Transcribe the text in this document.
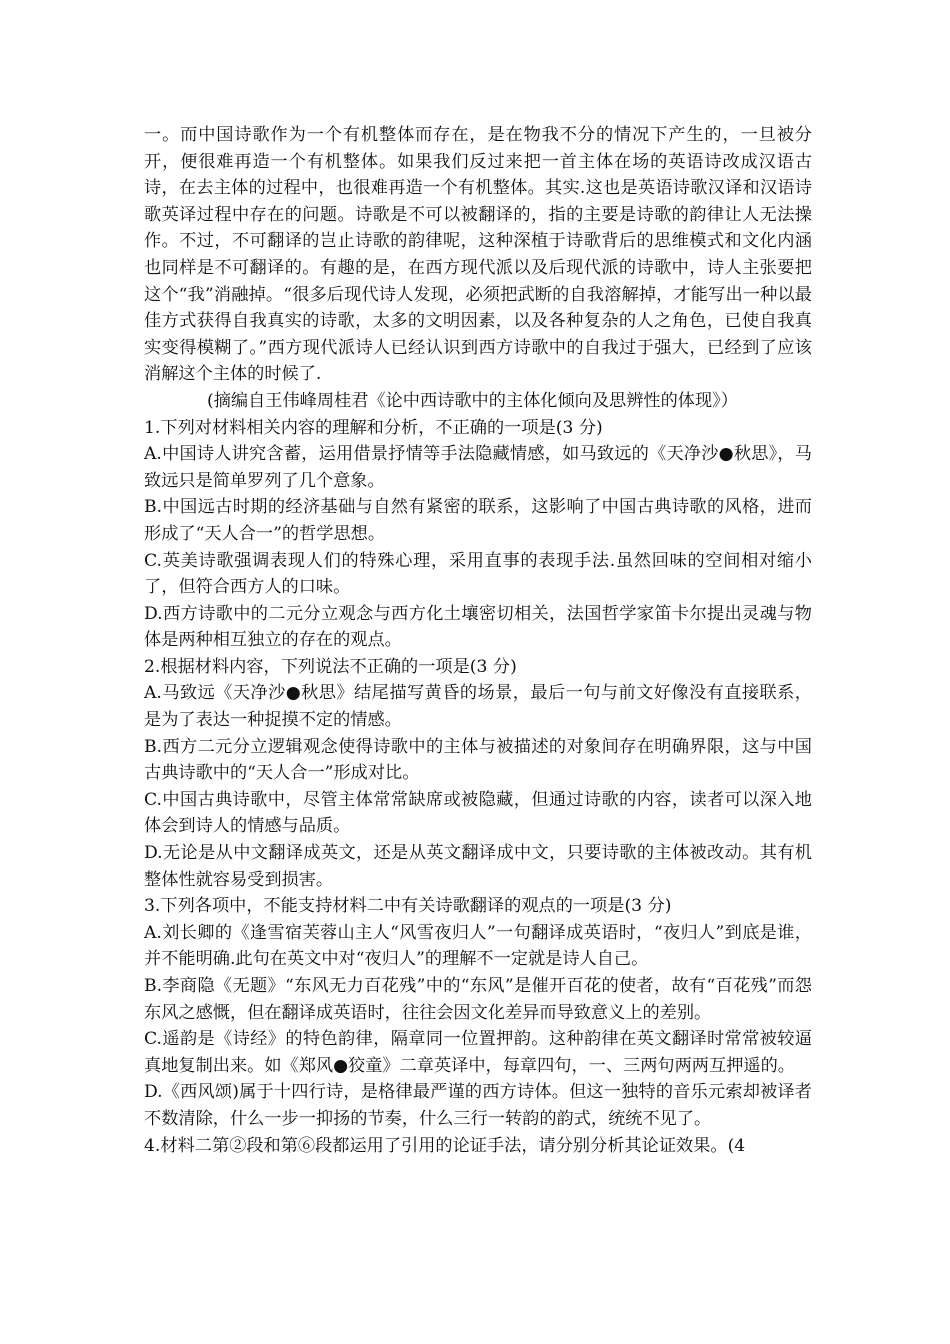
一。而中国诗歌作为一个有机整体而存在，是在物我不分的情况下产生的，一旦被分开，便很难再造一个有机整体。如果我们反过来把一首主体在场的英语诗改成汉语古诗，在去主体的过程中，也很难再造一个有机整体。其实.这也是英语诗歌汉译和汉语诗歌英译过程中存在的问题。诗歌是不可以被翻译的，指的主要是诗歌的韵律让人无法操作。不过，不可翻译的岂止诗歌的韵律呢，这种深植于诗歌背后的思维模式和文化内涵也同样是不可翻译的。有趣的是，在西方现代派以及后现代派的诗歌中，诗人主张要把这个“我”消融掉。“很多后现代诗人发现，必须把武断的自我溶解掉，才能写出一种以最佳方式获得自我真实的诗歌，太多的文明因素，以及各种复杂的人之角色，已使自我真实变得模糊了。”西方现代派诗人已经认识到西方诗歌中的自我过于强大，已经到了应该消解这个主体的时候了.

(摘编自王伟峰周桂君《论中西诗歌中的主体化倾向及思辨性的体现》）

1.下列对材料相关内容的理解和分析，不正确的一项是(3 分)

A.中国诗人讲究含蓄，运用借景抒情等手法隐藏情感，如马致远的《天净沙●秋思》，马致远只是简单罗列了几个意象。

B.中国远古时期的经济基础与自然有紧密的联系，这影响了中国古典诗歌的风格，进而形成了“天人合一”的哲学思想。

C.英美诗歌强调表现人们的特殊心理，采用直事的表现手法.虽然回味的空间相对缩小了，但符合西方人的口味。

D.西方诗歌中的二元分立观念与西方化土壤密切相关，法国哲学家笛卡尔提出灵魂与物体是两种相互独立的存在的观点。

2.根据材料内容，下列说法不正确的一项是(3 分)

A.马致远《天净沙●秋思》结尾描写黄昏的场景，最后一句与前文好像没有直接联系，是为了表达一种捉摸不定的情感。

B.西方二元分立逻辑观念使得诗歌中的主体与被描述的对象间存在明确界限，这与中国古典诗歌中的“天人合一”形成对比。

C.中国古典诗歌中，尽管主体常常缺席或被隐藏，但通过诗歌的内容，读者可以深入地体会到诗人的情感与品质。

D.无论是从中文翻译成英文，还是从英文翻译成中文，只要诗歌的主体被改动。其有机整体性就容易受到损害。

3.下列各项中，不能支持材料二中有关诗歌翻译的观点的一项是(3 分)

A.刘长卿的《逢雪宿芙蓉山主人“风雪夜归人”一句翻译成英语时，“夜归人”到底是谁，并不能明确.此句在英文中对“夜归人”的理解不一定就是诗人自己。

B.李商隐《无题》“东风无力百花残”中的“东风”是催开百花的使者，故有“百花残”而怨东风之感慨，但在翻译成英语时，往往会因文化差异而导致意义上的差别。

C.遥韵是《诗经》的特色韵律，隔章同一位置押韵。这种韵律在英文翻译时常常被较逼真地复制出来。如《郑风●狡童》二章英译中，每章四句，一、三两句两两互押遥的。

D.《西风颂)属于十四行诗，是格律最严谨的西方诗体。但这一独特的音乐元索却被译者不数清除，什么一步一抑扬的节奏，什么三行一转韵的韵式，统统不见了。

4.材料二第②段和第⑥段都运用了引用的论证手法，请分别分析其论证效果。(4
